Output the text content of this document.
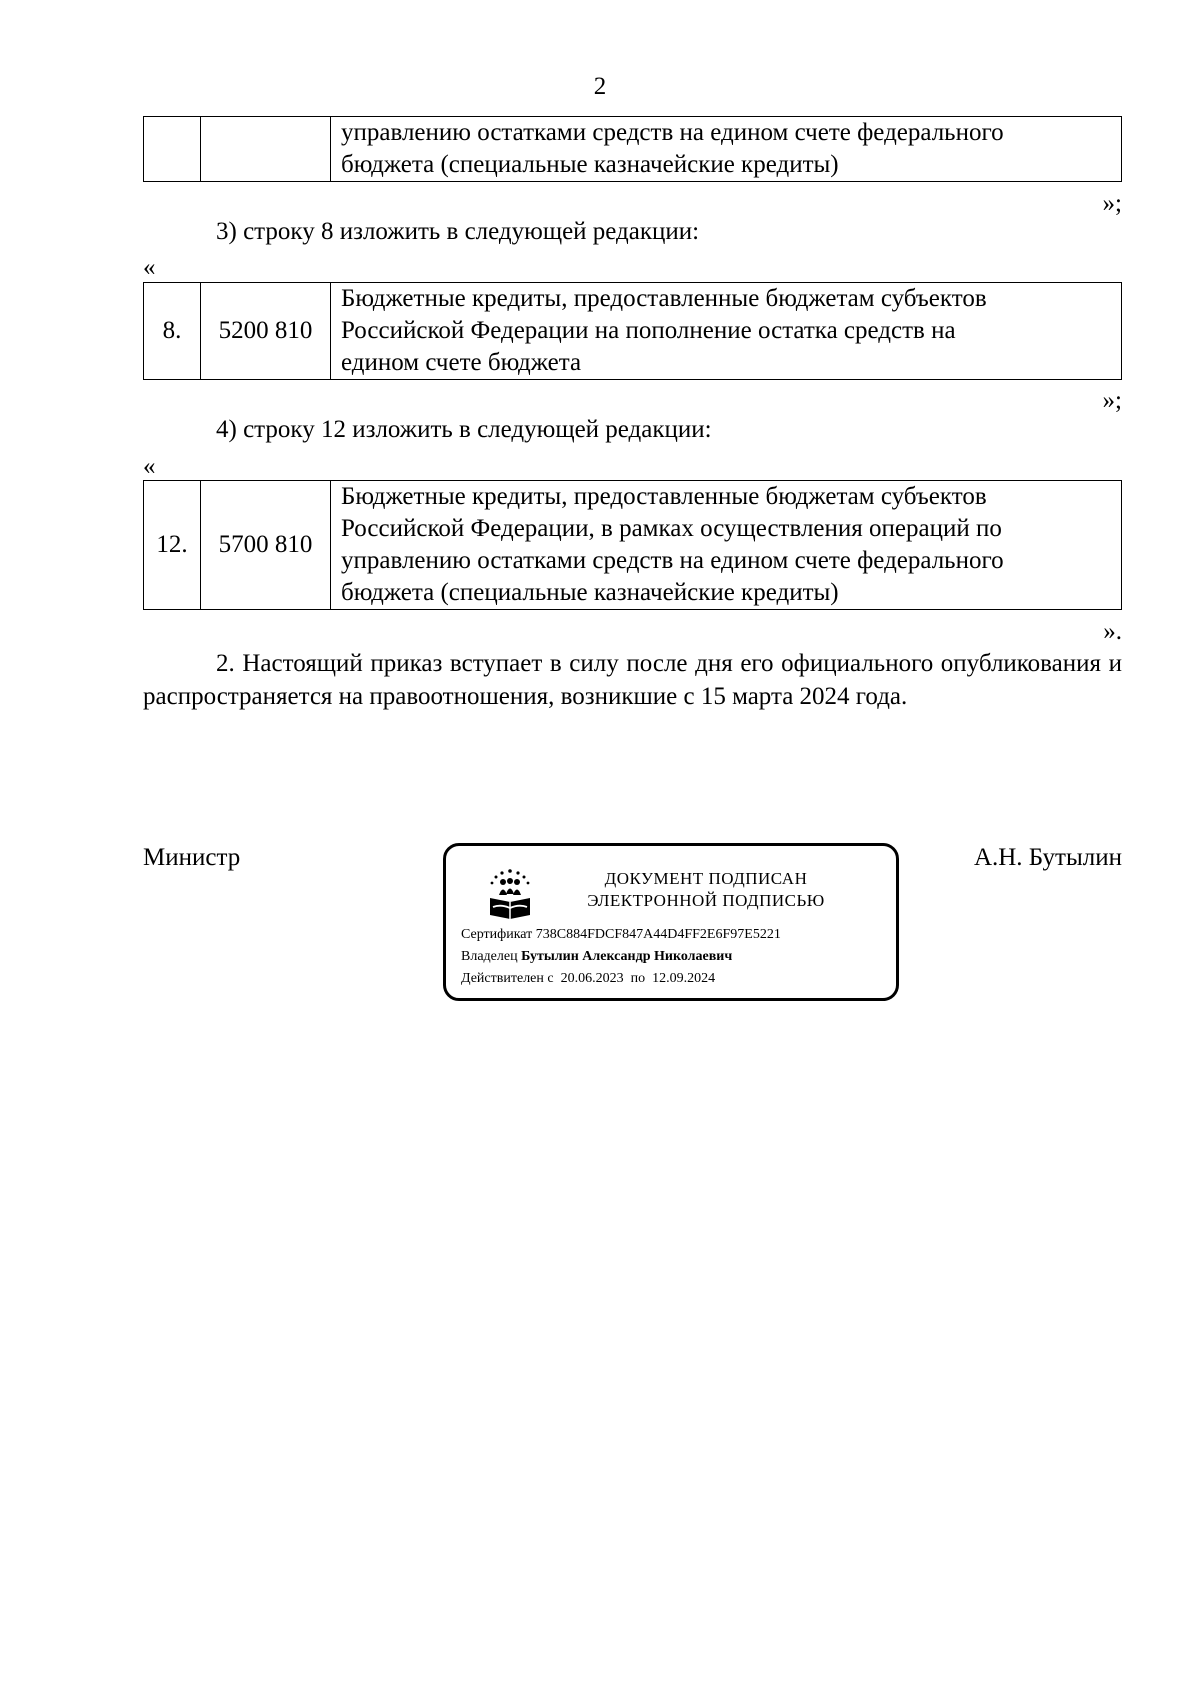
2
		управлению остатками средств на едином счете федерального
бюджета (специальные казначейские кредиты)
»;
3) строку 8 изложить в следующей редакции:
«
8.	5200 810	Бюджетные кредиты, предоставленные бюджетам субъектов
Российской Федерации на пополнение остатка средств на
едином счете бюджета
»;
4) строку 12 изложить в следующей редакции:
«
12.	5700 810	Бюджетные кредиты, предоставленные бюджетам субъектов
Российской Федерации, в рамках осуществления операций по
управлению остатками средств на едином счете федерального
бюджета (специальные казначейские кредиты)
».
2. Настоящий приказ вступает в силу после дня его официального опубликования и распространяется на правоотношения, возникшие с 15 марта 2024 года.
Министр	А.Н. Бутылин
ДОКУМЕНТ ПОДПИСАН
ЭЛЕКТРОННОЙ ПОДПИСЬЮ
Сертификат 738C884FDCF847A44D4FF2E6F97E5221
Владелец Бутылин Александр Николаевич
Действителен с 20.06.2023 по 12.09.2024
